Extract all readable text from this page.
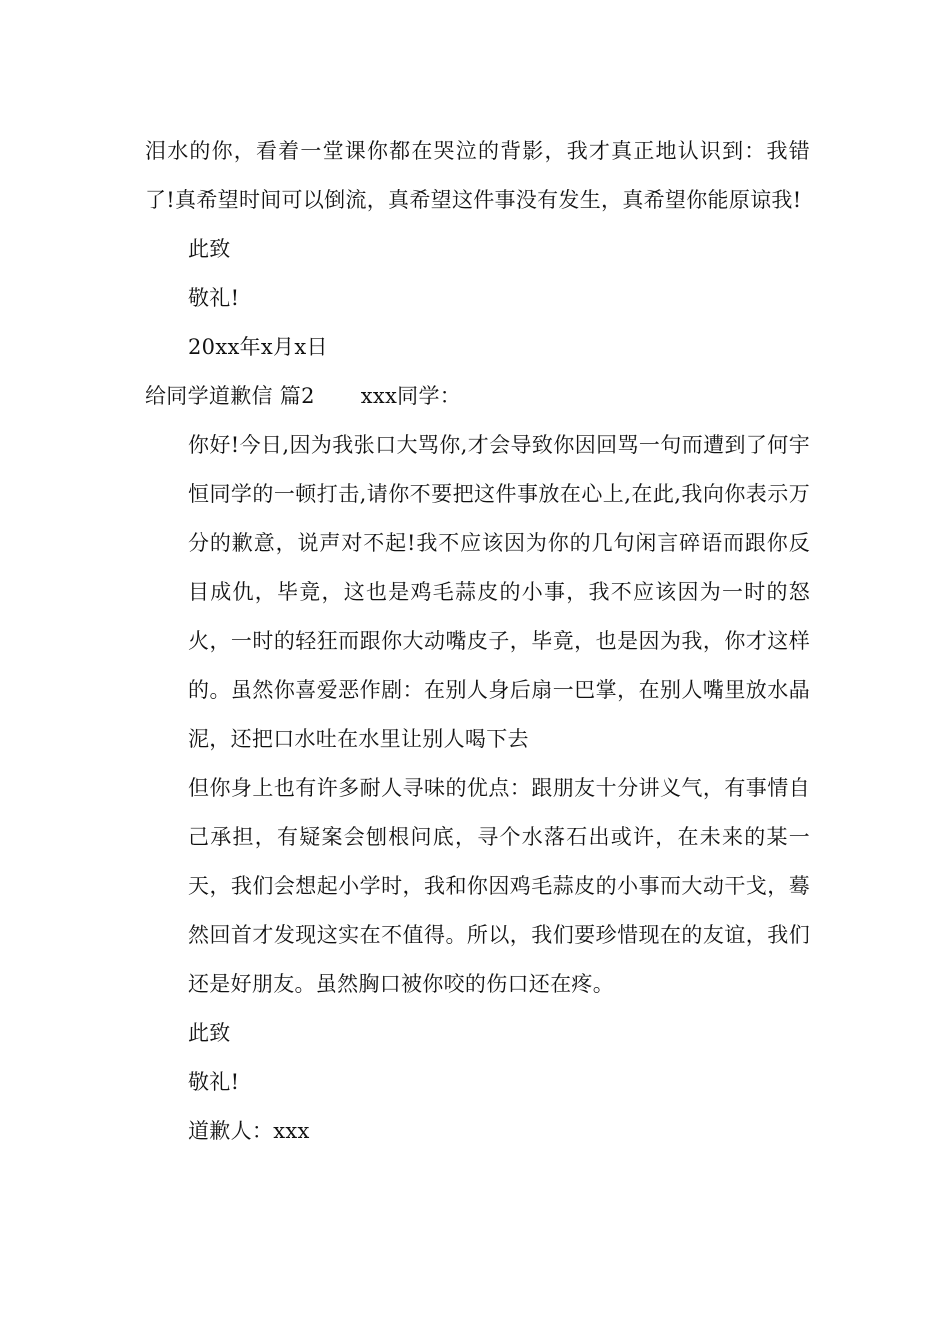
泪水的你，看着一堂课你都在哭泣的背影，我才真正地认识到：我错了!真希望时间可以倒流，真希望这件事没有发生，真希望你能原谅我!

此致

敬礼!

20xx年x月x日

给同学道歉信 篇2 xxx同学：

你好!今日,因为我张口大骂你,才会导致你因回骂一句而遭到了何宇恒同学的一顿打击,请你不要把这件事放在心上,在此,我向你表示万分的歉意，说声对不起!我不应该因为你的几句闲言碎语而跟你反目成仇，毕竟，这也是鸡毛蒜皮的小事，我不应该因为一时的怒火，一时的轻狂而跟你大动嘴皮子，毕竟，也是因为我，你才这样的。虽然你喜爱恶作剧：在别人身后扇一巴掌，在别人嘴里放水晶泥，还把口水吐在水里让别人喝下去

但你身上也有许多耐人寻味的优点：跟朋友十分讲义气，有事情自己承担，有疑案会刨根问底，寻个水落石出或许，在未来的某一天，我们会想起小学时，我和你因鸡毛蒜皮的小事而大动干戈，蓦然回首才发现这实在不值得。所以，我们要珍惜现在的友谊，我们还是好朋友。虽然胸口被你咬的伤口还在疼。

此致

敬礼!

道歉人：xxx
